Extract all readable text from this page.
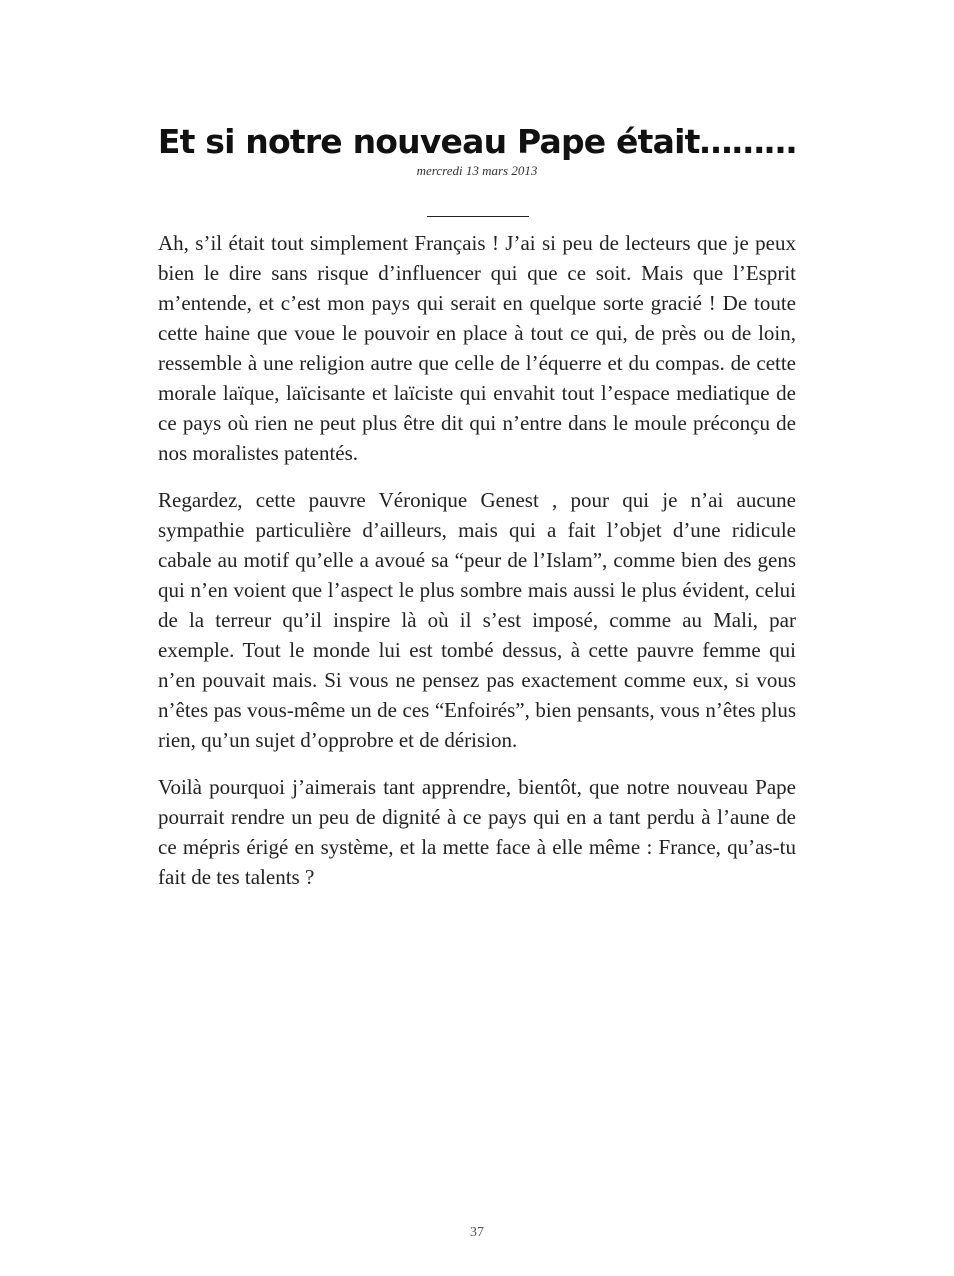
Et si notre nouveau Pape était………
mercredi 13 mars 2013

Ah, s’il était tout simplement Français ! J’ai si peu de lecteurs que je peux bien le dire sans risque d’influencer qui que ce soit. Mais que l’Esprit m’entende, et c’est mon pays qui serait en quelque sorte gracié ! De toute cette haine que voue le pouvoir en place à tout ce qui, de près ou de loin, ressemble à une religion autre que celle de l’équerre et du compas. de cette morale laïque, laïcisante et laïciste qui envahit tout l’espace mediatique de ce pays où rien ne peut plus être dit qui n’entre dans le moule préconçu de nos moralistes patentés.

Regardez, cette pauvre Véronique Genest , pour qui je n’ai aucune sympathie particulière d’ailleurs, mais qui a fait l’objet d’une ridicule cabale au motif qu’elle a avoué sa “peur de l’Islam”, comme bien des gens qui n’en voient que l’aspect le plus sombre mais aussi le plus évident, celui de la terreur qu’il inspire là où il s’est imposé, comme au Mali, par exemple. Tout le monde lui est tombé dessus, à cette pauvre femme qui n’en pouvait mais. Si vous ne pensez pas exactement comme eux, si vous n’êtes pas vous-même un de ces “Enfoirés”, bien pensants, vous n’êtes plus rien, qu’un sujet d’opprobre et de dérision.

Voilà pourquoi j’aimerais tant apprendre, bientôt, que notre nouveau Pape pourrait rendre un peu de dignité à ce pays qui en a tant perdu à l’aune de ce mépris érigé en système, et la mette face à elle même : France, qu’as-tu fait de tes talents ?

37
